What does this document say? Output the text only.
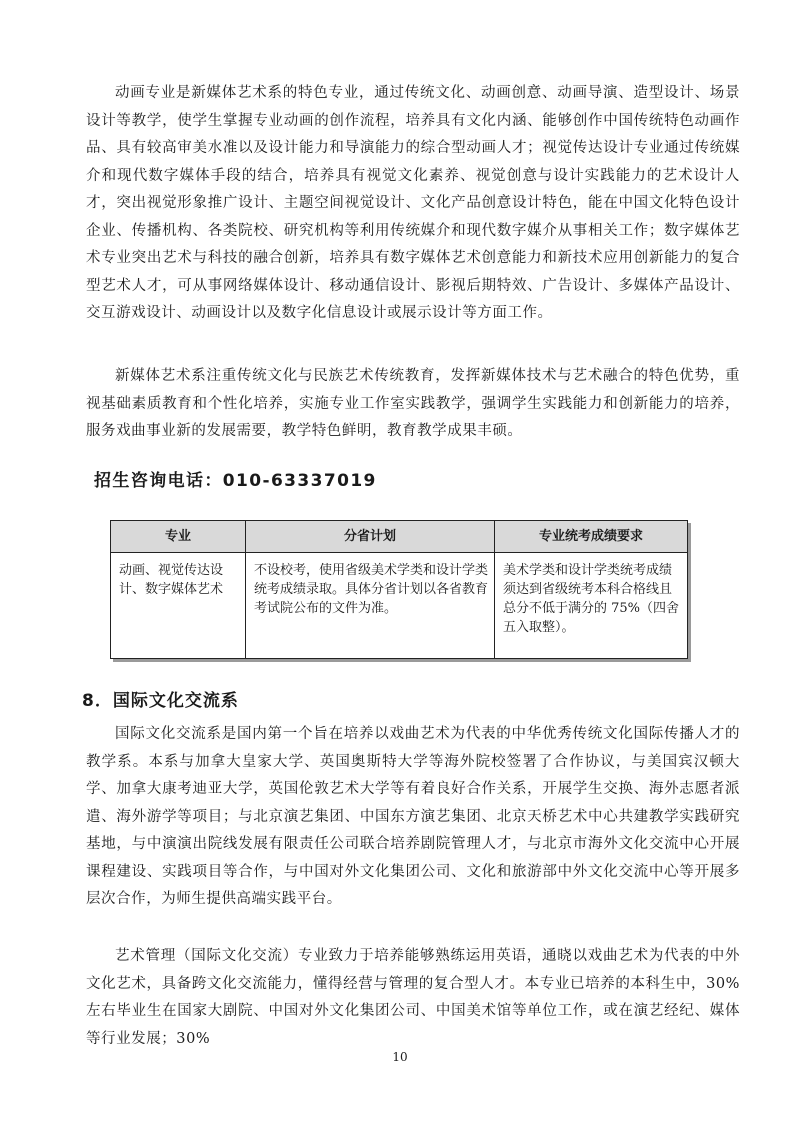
动画专业是新媒体艺术系的特色专业，通过传统文化、动画创意、动画导演、造型设计、场景设计等教学，使学生掌握专业动画的创作流程，培养具有文化内涵、能够创作中国传统特色动画作品、具有较高审美水准以及设计能力和导演能力的综合型动画人才；视觉传达设计专业通过传统媒介和现代数字媒体手段的结合，培养具有视觉文化素养、视觉创意与设计实践能力的艺术设计人才，突出视觉形象推广设计、主题空间视觉设计、文化产品创意设计特色，能在中国文化特色设计企业、传播机构、各类院校、研究机构等利用传统媒介和现代数字媒介从事相关工作；数字媒体艺术专业突出艺术与科技的融合创新，培养具有数字媒体艺术创意能力和新技术应用创新能力的复合型艺术人才，可从事网络媒体设计、移动通信设计、影视后期特效、广告设计、多媒体产品设计、交互游戏设计、动画设计以及数字化信息设计或展示设计等方面工作。

新媒体艺术系注重传统文化与民族艺术传统教育，发挥新媒体技术与艺术融合的特色优势，重视基础素质教育和个性化培养，实施专业工作室实践教学，强调学生实践能力和创新能力的培养，服务戏曲事业新的发展需要，教学特色鲜明，教育教学成果丰硕。

招生咨询电话：010-63337019

专业	分省计划	专业统考成绩要求
动画、视觉传达设计、数字媒体艺术	不设校考，使用省级美术学类和设计学类统考成绩录取。具体分省计划以各省教育考试院公布的文件为准。	美术学类和设计学类统考成绩须达到省级统考本科合格线且总分不低于满分的 75%（四舍五入取整）。

8．国际文化交流系

国际文化交流系是国内第一个旨在培养以戏曲艺术为代表的中华优秀传统文化国际传播人才的教学系。本系与加拿大皇家大学、英国奥斯特大学等海外院校签署了合作协议，与美国宾汉顿大学、加拿大康考迪亚大学，英国伦敦艺术大学等有着良好合作关系，开展学生交换、海外志愿者派遣、海外游学等项目；与北京演艺集团、中国东方演艺集团、北京天桥艺术中心共建教学实践研究基地，与中演演出院线发展有限责任公司联合培养剧院管理人才，与北京市海外文化交流中心开展课程建设、实践项目等合作，与中国对外文化集团公司、文化和旅游部中外文化交流中心等开展多层次合作，为师生提供高端实践平台。

艺术管理（国际文化交流）专业致力于培养能够熟练运用英语，通晓以戏曲艺术为代表的中外文化艺术，具备跨文化交流能力，懂得经营与管理的复合型人才。本专业已培养的本科生中，30%左右毕业生在国家大剧院、中国对外文化集团公司、中国美术馆等单位工作，或在演艺经纪、媒体等行业发展；30%

10
